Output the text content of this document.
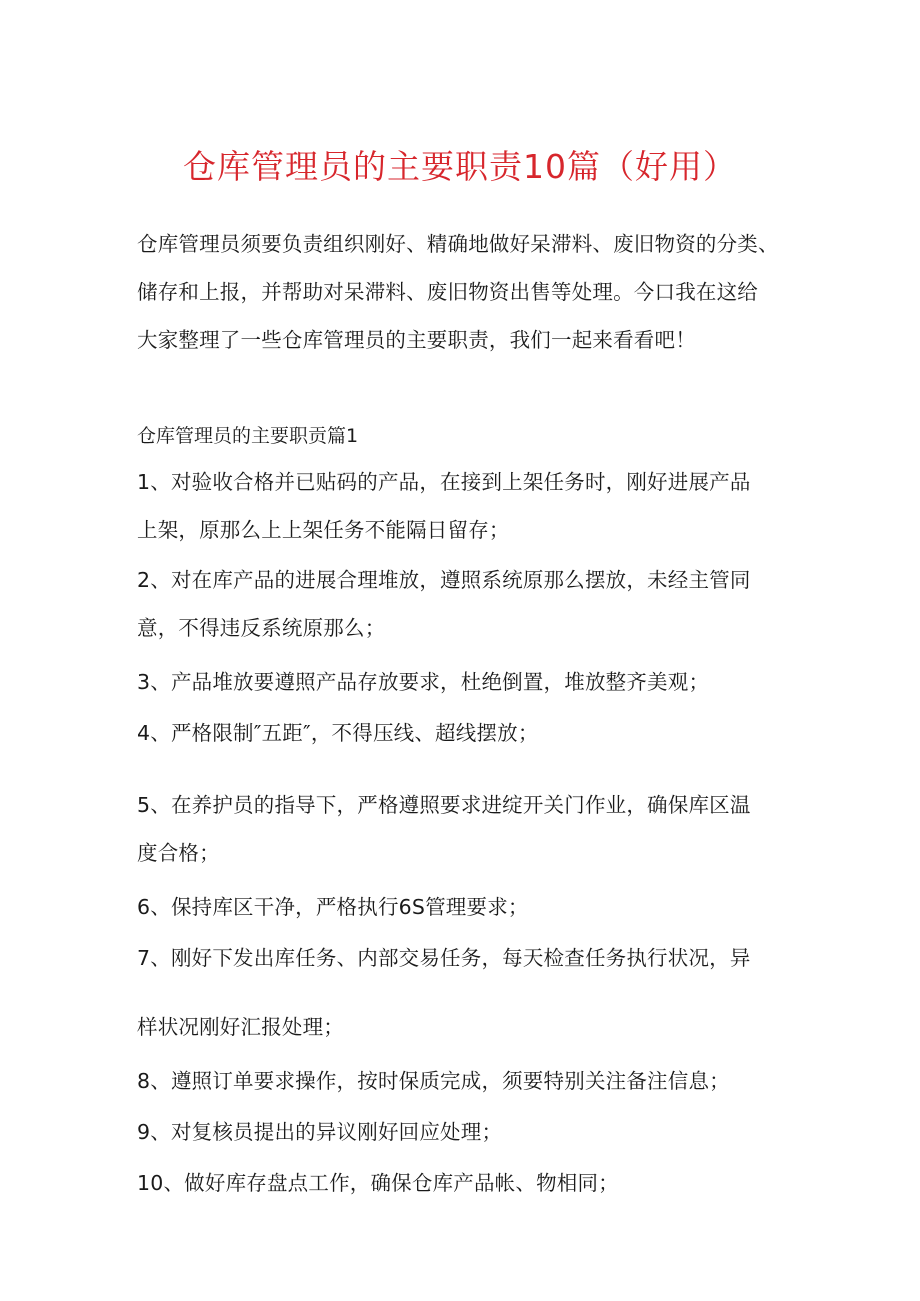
仓库管理员的主要职责10篇（好用）
仓库管理员须要负责组织刚好、精确地做好呆滞料、废旧物资的分类、
储存和上报，并帮助对呆滞料、废旧物资出售等处理。今口我在这给
大家整理了一些仓库管理员的主要职责，我们一起来看看吧！
仓库管理员的主要职贡篇1
1、对验收合格并已贴码的产品，在接到上架任务时，刚好进展产品
上架，原那么上上架任务不能隔日留存；
2、对在库产品的进展合理堆放，遵照系统原那么摆放，未经主管同
意，不得违反系统原那么；
3、产品堆放要遵照产品存放要求，杜绝倒置，堆放整齐美观；
4、严格限制″五距″，不得压线、超线摆放；
5、在养护员的指导下，严格遵照要求进绽开关门作业，确保库区温
度合格；
6、保持库区干净，严格执行6S管理要求；
7、刚好下发出库任务、内部交易任务，每天检查任务执行状况，异
样状况刚好汇报处理；
8、遵照订单要求操作，按时保质完成，须要特别关注备注信息；
9、对复核员提出的异议刚好回应处理；
10、做好库存盘点工作，确保仓库产品帐、物相同；
